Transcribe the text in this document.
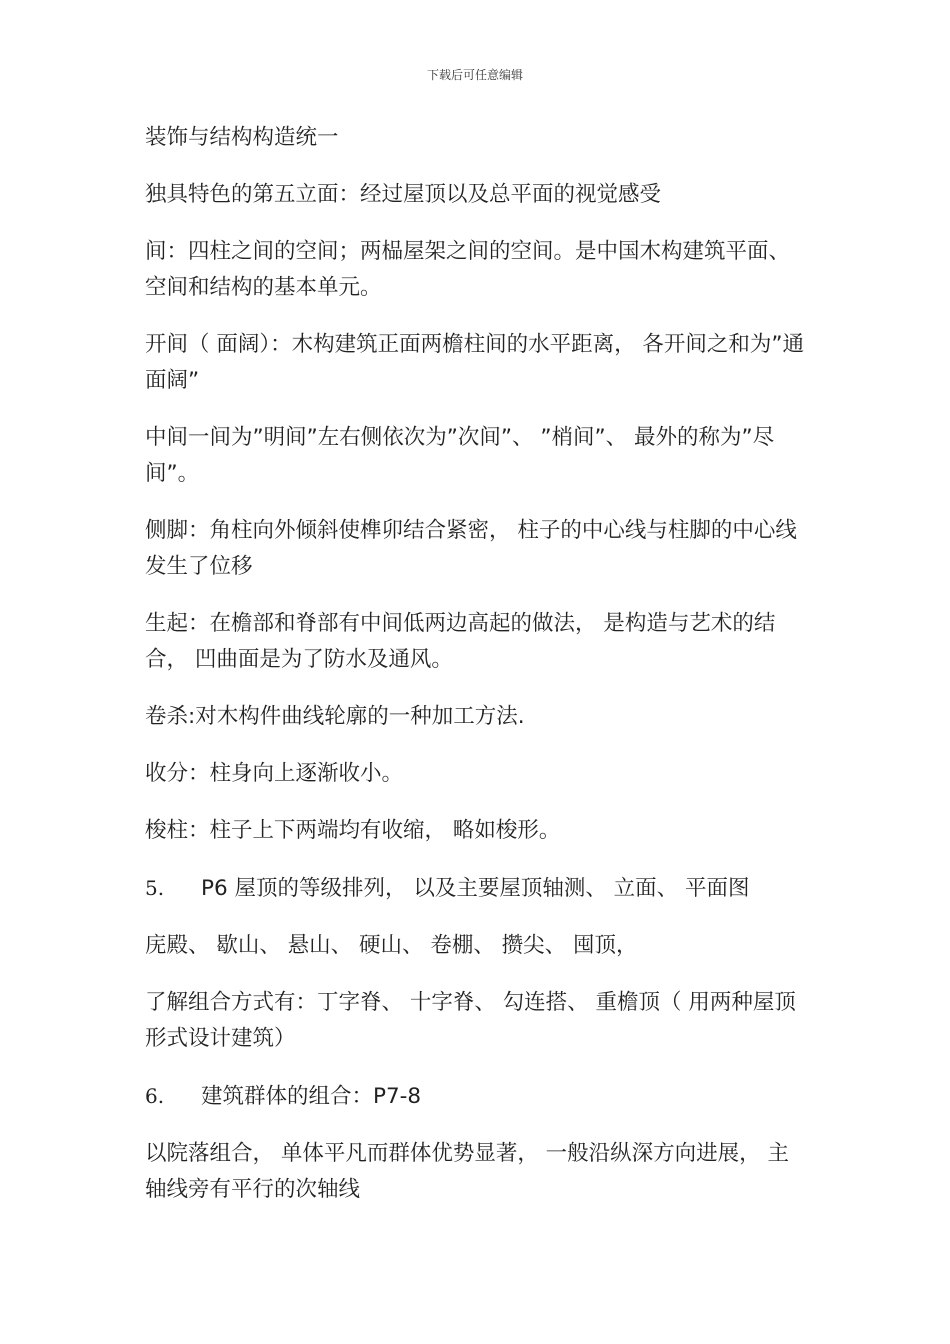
下载后可任意编辑

装饰与结构构造统一

独具特色的第五立面：经过屋顶以及总平面的视觉感受

间：四柱之间的空间；两榀屋架之间的空间。是中国木构建筑平面、 空间和结构的基本单元。

开间（ 面阔）：木构建筑正面两檐柱间的水平距离， 各开间之和为”通面阔”

中间一间为”明间”左右侧依次为”次间”、 ”梢间”、 最外的称为”尽间”。

侧脚：角柱向外倾斜使榫卯结合紧密， 柱子的中心线与柱脚的中心线发生了位移

生起：在檐部和脊部有中间低两边高起的做法， 是构造与艺术的结合， 凹曲面是为了防水及通风。

卷杀:对木构件曲线轮廓的一种加工方法.

收分：柱身向上逐渐收小。

梭柱：柱子上下两端均有收缩， 略如梭形。

5.	P6 屋顶的等级排列， 以及主要屋顶轴测、 立面、 平面图

庑殿、 歇山、 悬山、 硬山、 卷棚、 攒尖、 囤顶，

了解组合方式有：丁字脊、 十字脊、 勾连搭、 重檐顶（ 用两种屋顶形式设计建筑）

6.	建筑群体的组合：P7-8

以院落组合， 单体平凡而群体优势显著， 一般沿纵深方向进展， 主轴线旁有平行的次轴线
